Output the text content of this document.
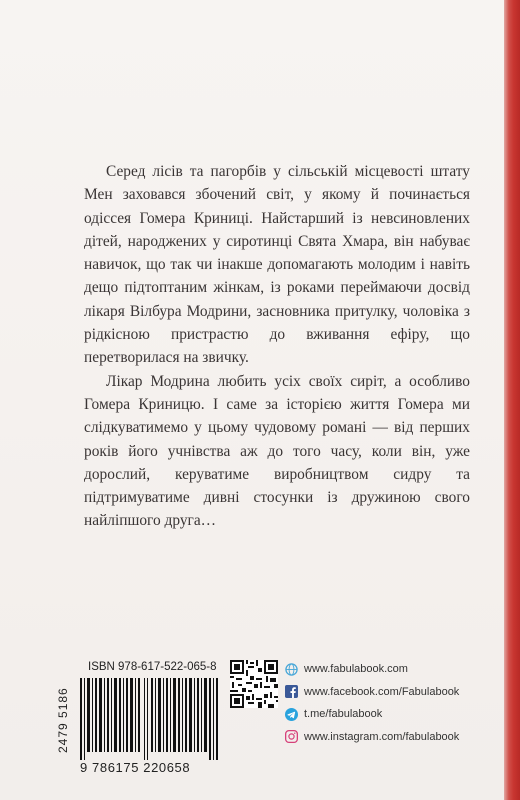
Серед лісів та пагорбів у сільській місцевості штату Мен заховався збочений світ, у якому й починається одіссея Гомера Криниці. Найстарший із невсиновлених дітей, народжених у сиротинці Свята Хмара, він набуває навичок, що так чи інакше допомагають молодим і навіть дещо підтоптаним жінкам, із роками переймаючи досвід лікаря Вілбура Модрини, засновника притулку, чоловіка з рідкісною пристрастю до вживання ефіру, що перетворилася на звичку.

Лікар Модрина любить усіх своїх сиріт, а особливо Гомера Криницю. І саме за історією життя Гомера ми слідкуватимемо у цьому чудовому романі — від перших років його учнівства аж до того часу, коли він, уже дорослий, керуватиме виробництвом сидру та підтримуватиме дивні стосунки із дружиною свого найліпшого друга…

2479 5186
ISBN 978-617-522-065-8
9 786175 220658
www.fabulabook.com
www.facebook.com/Fabulabook
t.me/fabulabook
www.instagram.com/fabulabook
